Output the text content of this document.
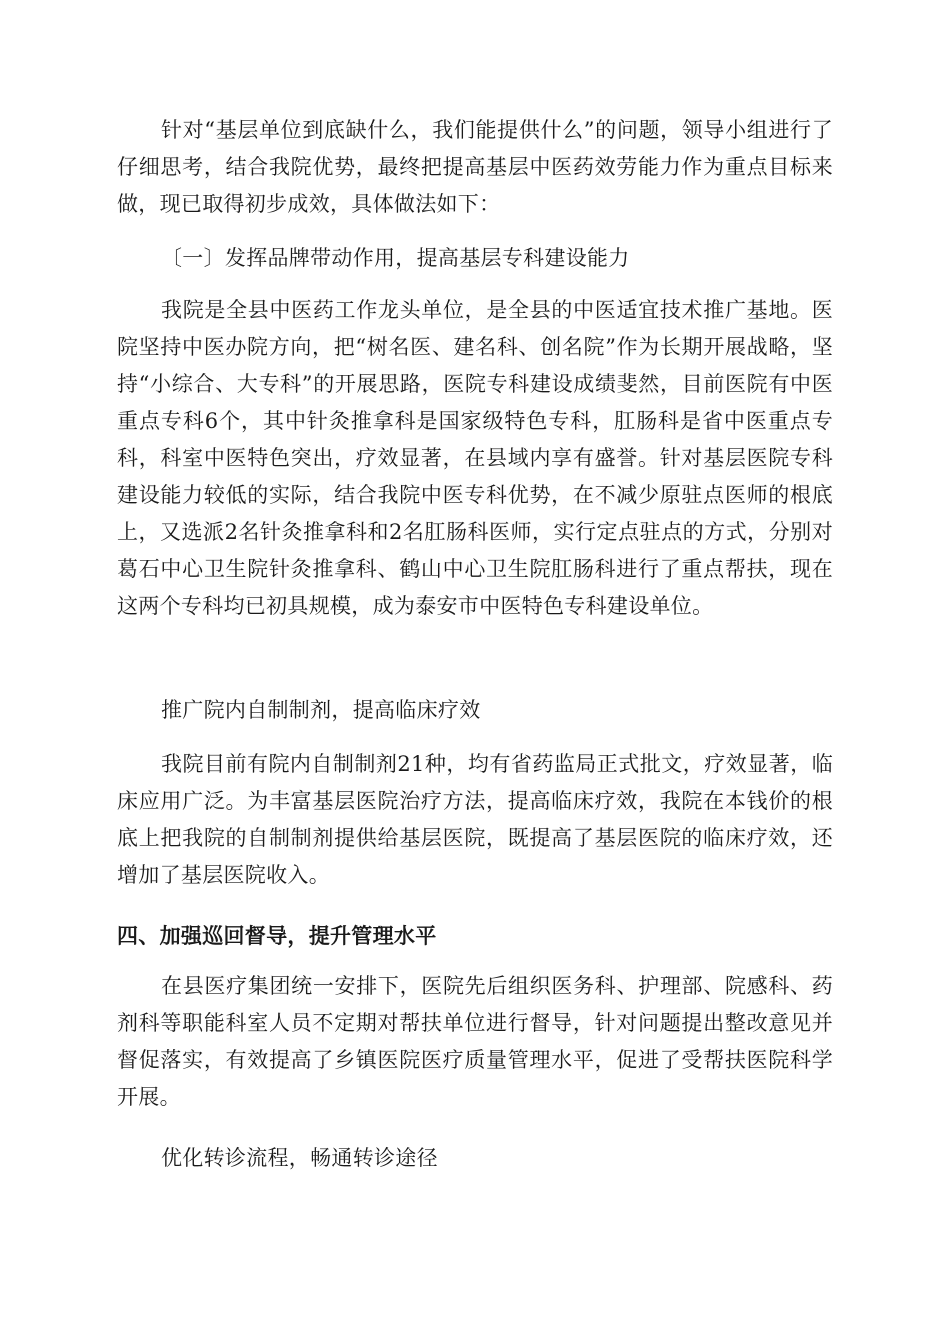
针对“基层单位到底缺什么，我们能提供什么”的问题，领导小组进行了仔细思考，结合我院优势，最终把提高基层中医药效劳能力作为重点目标来做，现已取得初步成效，具体做法如下：

〔一〕发挥品牌带动作用，提高基层专科建设能力

我院是全县中医药工作龙头单位，是全县的中医适宜技术推广基地。医院坚持中医办院方向，把“树名医、建名科、创名院”作为长期开展战略，坚持“小综合、大专科”的开展思路，医院专科建设成绩斐然，目前医院有中医重点专科6个，其中针灸推拿科是国家级特色专科，肛肠科是省中医重点专科，科室中医特色突出，疗效显著，在县域内享有盛誉。针对基层医院专科建设能力较低的实际，结合我院中医专科优势，在不减少原驻点医师的根底上，又选派2名针灸推拿科和2名肛肠科医师，实行定点驻点的方式，分别对葛石中心卫生院针灸推拿科、鹤山中心卫生院肛肠科进行了重点帮扶，现在这两个专科均已初具规模，成为泰安市中医特色专科建设单位。

推广院内自制制剂，提高临床疗效

我院目前有院内自制制剂21种，均有省药监局正式批文，疗效显著，临床应用广泛。为丰富基层医院治疗方法，提高临床疗效，我院在本钱价的根底上把我院的自制制剂提供给基层医院，既提高了基层医院的临床疗效，还增加了基层医院收入。

四、加强巡回督导，提升管理水平

在县医疗集团统一安排下，医院先后组织医务科、护理部、院感科、药剂科等职能科室人员不定期对帮扶单位进行督导，针对问题提出整改意见并督促落实，有效提高了乡镇医院医疗质量管理水平，促进了受帮扶医院科学开展。

优化转诊流程，畅通转诊途径
